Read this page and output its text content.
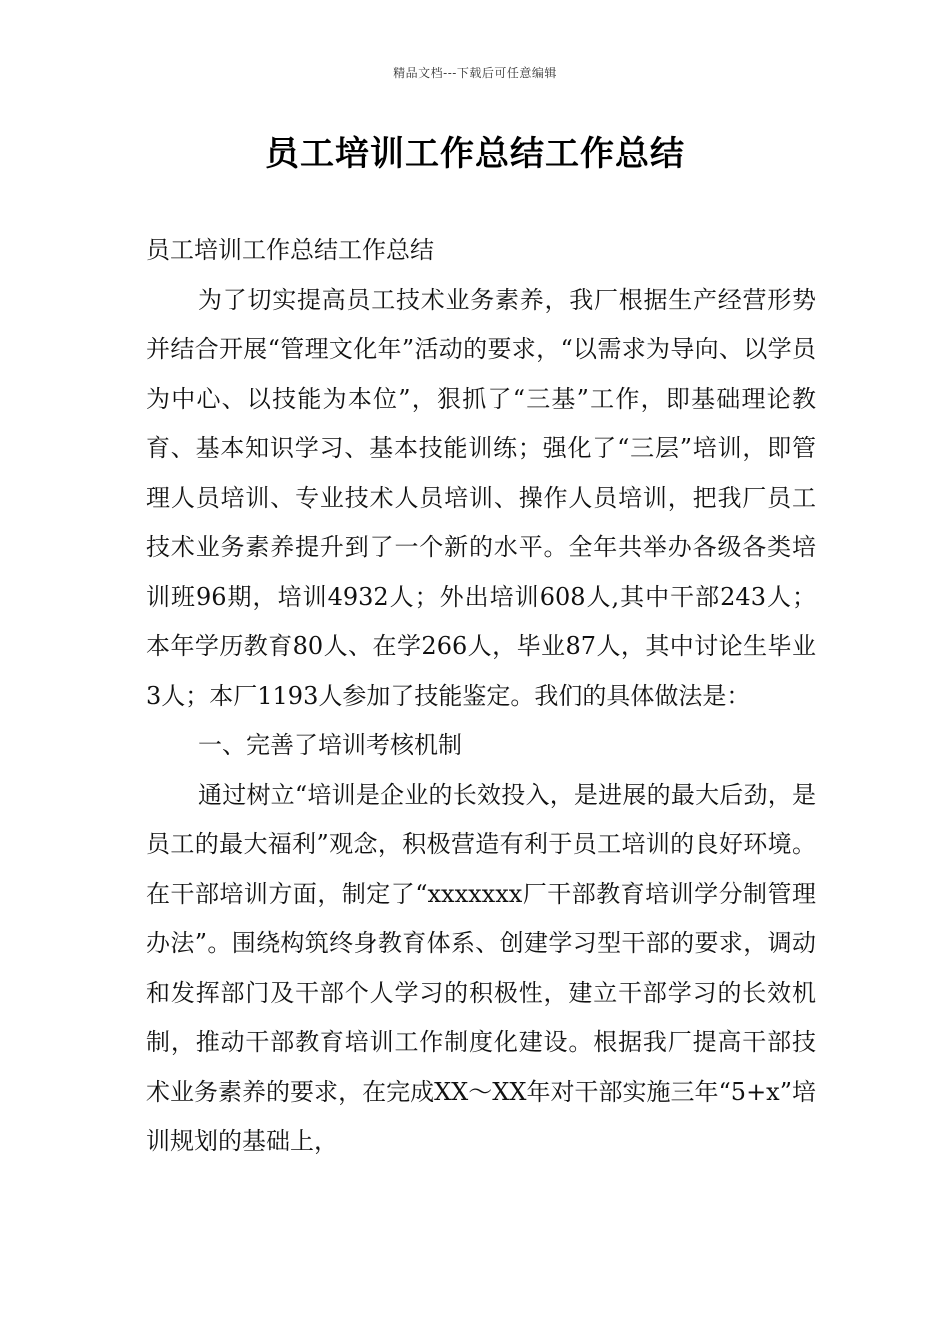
精品文档---下载后可任意编辑
员工培训工作总结工作总结

员工培训工作总结工作总结

为了切实提高员工技术业务素养，我厂根据生产经营形势并结合开展“管理文化年”活动的要求，“以需求为导向、以学员为中心、以技能为本位”，狠抓了“三基”工作，即基础理论教育、基本知识学习、基本技能训练；强化了“三层”培训，即管理人员培训、专业技术人员培训、操作人员培训，把我厂员工技术业务素养提升到了一个新的水平。全年共举办各级各类培训班96期，培训4932人；外出培训608人,其中干部243人；本年学历教育80人、在学266人，毕业87人，其中讨论生毕业3人；本厂1193人参加了技能鉴定。我们的具体做法是：

一、完善了培训考核机制

通过树立“培训是企业的长效投入，是进展的最大后劲，是员工的最大福利”观念，积极营造有利于员工培训的良好环境。在干部培训方面，制定了“xxxxxxx厂干部教育培训学分制管理办法”。围绕构筑终身教育体系、创建学习型干部的要求，调动和发挥部门及干部个人学习的积极性，建立干部学习的长效机制，推动干部教育培训工作制度化建设。根据我厂提高干部技术业务素养的要求，在完成XX～XX年对干部实施三年“5+x”培训规划的基础上，
